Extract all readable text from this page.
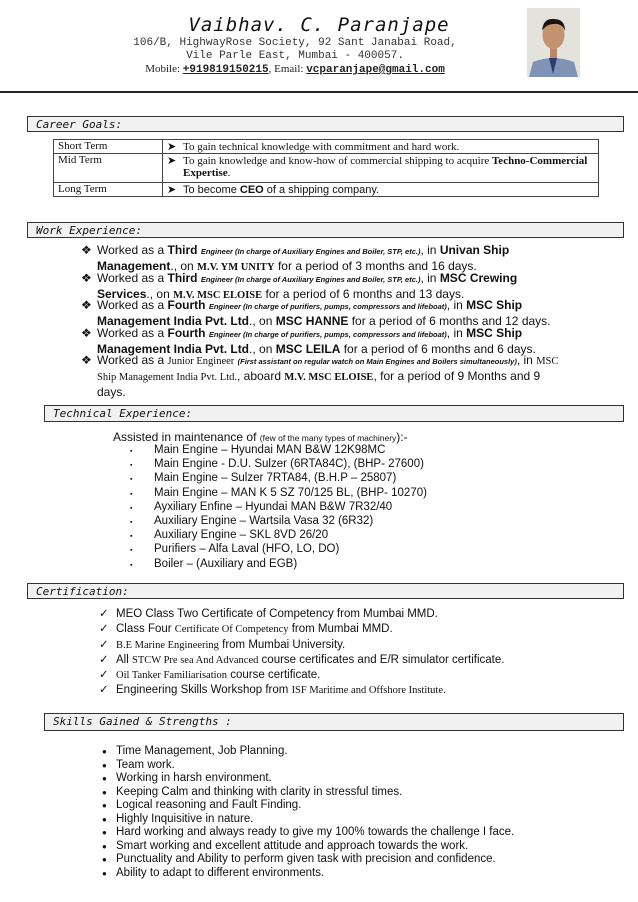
Vaibhav. C. Paranjape
106/B, HighwayRose Society, 92 Sant Janabai Road,
Vile Parle East, Mumbai - 400057.
Mobile: +919819150215, Email: vcparanjape@gmail.com
Career Goals:
Short Term	➤ To gain technical knowledge with commitment and hard work.
Mid Term	➤ To gain knowledge and know-how of commercial shipping to acquire Techno-Commercial Expertise.
Long Term	➤ To become CEO of a shipping company.
Work Experience:
❖ Worked as a Third Engineer (In charge of Auxiliary Engines and Boiler, STP, etc.), in Univan Ship Management., on M.V. YM UNITY for a period of 3 months and 16 days.
❖ Worked as a Third Engineer (In charge of Auxiliary Engines and Boiler, STP, etc.), in MSC Crewing Services., on M.V. MSC ELOISE for a period of 6 months and 13 days.
❖ Worked as a Fourth Engineer (In charge of purifiers, pumps, compressors and lifeboat), in MSC Ship Management India Pvt. Ltd., on MSC HANNE for a period of 6 months and 12 days.
❖ Worked as a Fourth Engineer (In charge of purifiers, pumps, compressors and lifeboat), in MSC Ship Management India Pvt. Ltd., on MSC LEILA for a period of 6 months and 6 days.
❖ Worked as a Junior Engineer (First assistant on regular watch on Main Engines and Boilers simultaneously), in MSC Ship Management India Pvt. Ltd., aboard M.V. MSC ELOISE, for a period of 9 Months and 9 days.
Technical Experience:
Assisted in maintenance of (few of the many types of machinery):-
▪ Main Engine – Hyundai MAN B&W 12K98MC
▪ Main Engine - D.U. Sulzer (6RTA84C), (BHP- 27600)
▪ Main Engine – Sulzer 7RTA84, (B.H.P – 25807)
▪ Main Engine – MAN K 5 SZ 70/125 BL, (BHP- 10270)
▪ Ayxiliary Enfine – Hyundai MAN B&W 7R32/40
▪ Auxiliary Engine – Wartsila Vasa 32 (6R32)
▪ Auxiliary Engine – SKL 8VD 26/20
▪ Purifiers – Alfa Laval (HFO, LO, DO)
▪ Boiler – (Auxiliary and EGB)
Certification:
✓ MEO Class Two Certificate of Competency from Mumbai MMD.
✓ Class Four Certificate Of Competency from Mumbai MMD.
✓ B.E Marine Engineering from Mumbai University.
✓ All STCW Pre sea And Advanced course certificates and E/R simulator certificate.
✓ Oil Tanker Familiarisation course certificate.
✓ Engineering Skills Workshop from ISF Maritime and Offshore Institute.
Skills Gained & Strengths :
● Time Management, Job Planning.
● Team work.
● Working in harsh environment.
● Keeping Calm and thinking with clarity in stressful times.
● Logical reasoning and Fault Finding.
● Highly Inquisitive in nature.
● Hard working and always ready to give my 100% towards the challenge I face.
● Smart working and excellent attitude and approach towards the work.
● Punctuality and Ability to perform given task with precision and confidence.
● Ability to adapt to different environments.
